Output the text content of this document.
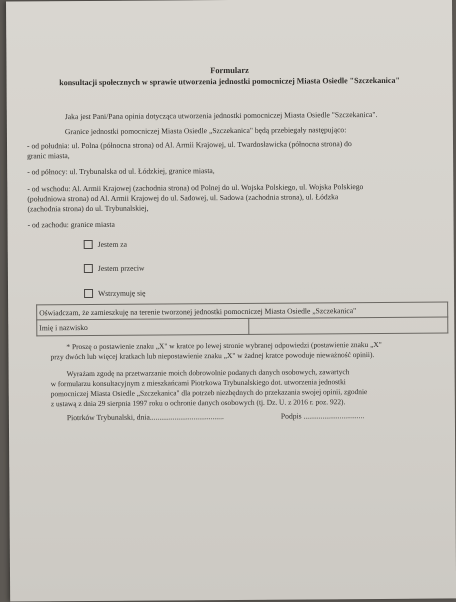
Formularz
konsultacji społecznych w sprawie utworzenia jednostki pomocniczej Miasta Osiedle "Szczekanica"
Jaka jest Pani/Pana opinia dotycząca utworzenia jednostki pomocniczej Miasta Osiedle "Szczekanica".
Granice jednostki pomocniczej Miasta Osiedle „Szczekanica" będą przebiegały następująco:
- od południa: ul. Polna (północna strona) od Al. Armii Krajowej, ul. Twardosławicka (północna strona) do
granic miasta,
- od północy: ul. Trybunalska od ul. Łódzkiej, granice miasta,
- od wschodu: Al. Armii Krajowej (zachodnia strona) od Polnej do ul. Wojska Polskiego, ul. Wojska Polskiego
(południowa strona) od Al. Armii Krajowej do ul. Sadowej, ul. Sadowa (zachodnia strona), ul. Łódzka
(zachodnia strona) do ul. Trybunalskiej,
- od zachodu: granice miasta
Jestem za
Jestem przeciw
Wstrzymuję się
Oświadczam, że zamieszkuję na terenie tworzonej jednostki pomocniczej Miasta Osiedle „Szczekanica"
Imię i nazwisko
* Proszę o postawienie znaku „X" w kratce po lewej stronie wybranej odpowiedzi (postawienie znaku „X"
przy dwóch lub więcej kratkach lub niepostawienie znaku „X" w żadnej kratce powoduje nieważność opinii).
Wyrażam zgodę na przetwarzanie moich dobrowolnie podanych danych osobowych, zawartych
w formularzu konsultacyjnym z mieszkańcami Piotrkowa Trybunalskiego dot. utworzenia jednostki
pomocniczej Miasta Osiedle „Szczekanica" dla potrzeb niezbędnych do przekazania swojej opinii, zgodnie
z ustawą z dnia 29 sierpnia 1997 roku o ochronie danych osobowych (tj. Dz. U. z 2016 r. poz. 922).
Piotrków Trybunalski, dnia.......................................	Podpis ................................
